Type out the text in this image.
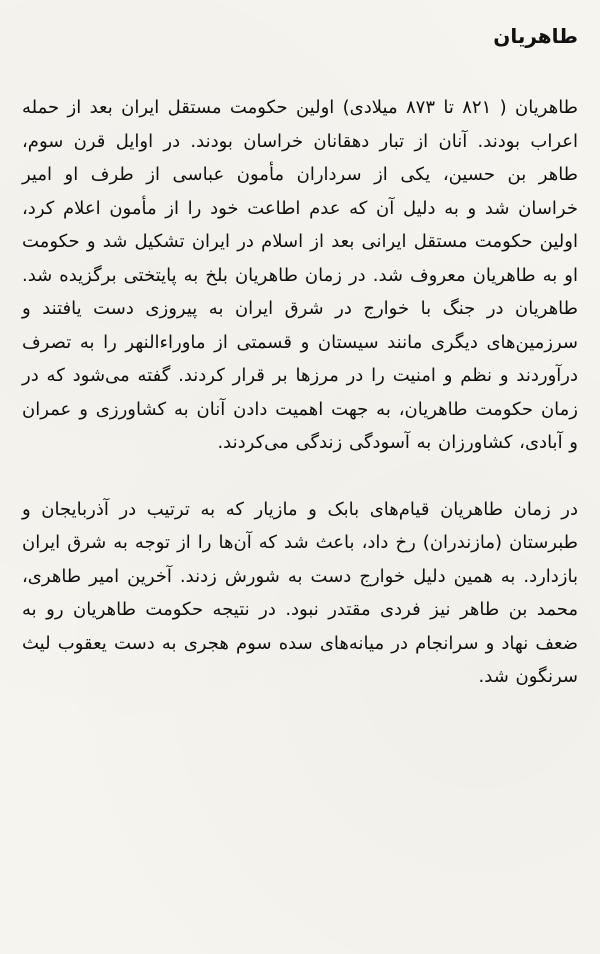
طاهریان

طاهریان ( ۸۲۱ تا ۸۷۳ میلادی) اولین حکومت مستقل ایران بعد از حمله اعراب بودند. آنان از تبار دهقانان خراسان بودند. در اوایل قرن سوم، طاهر بن حسین، یکی از سرداران مأمون عباسی از طرف او امیر خراسان شد و به دلیل آن که عدم اطاعت خود را از مأمون اعلام کرد، اولین حکومت مستقل ایرانی بعد از اسلام در ایران تشکیل شد و حکومت او به طاهریان معروف شد. در زمان طاهریان بلخ به پایتختی برگزیده شد. طاهریان در جنگ با خوارج در شرق ایران به پیروزی دست یافتند و سرزمین‌های دیگری مانند سیستان و قسمتی از ماوراءالنهر را به تصرف درآوردند و نظم و امنیت را در مرزها بر قرار کردند. گفته می‌شود که در زمان حکومت طاهریان، به جهت اهمیت دادن آنان به کشاورزی و عمران و آبادی، کشاورزان به آسودگی زندگی می‌کردند.

در زمان طاهریان قیام‌های بابک و مازیار که به ترتیب در آذربایجان و طبرستان (مازندران) رخ داد، باعث شد که آن‌ها را از توجه به شرق ایران بازدارد. به همین دلیل خوارج دست به شورش زدند. آخرین امیر طاهری، محمد بن طاهر نیز فردی مقتدر نبود. در نتیجه حکومت طاهریان رو به ضعف نهاد و سرانجام در میانه‌های سده سوم هجری به دست یعقوب لیث سرنگون شد.
